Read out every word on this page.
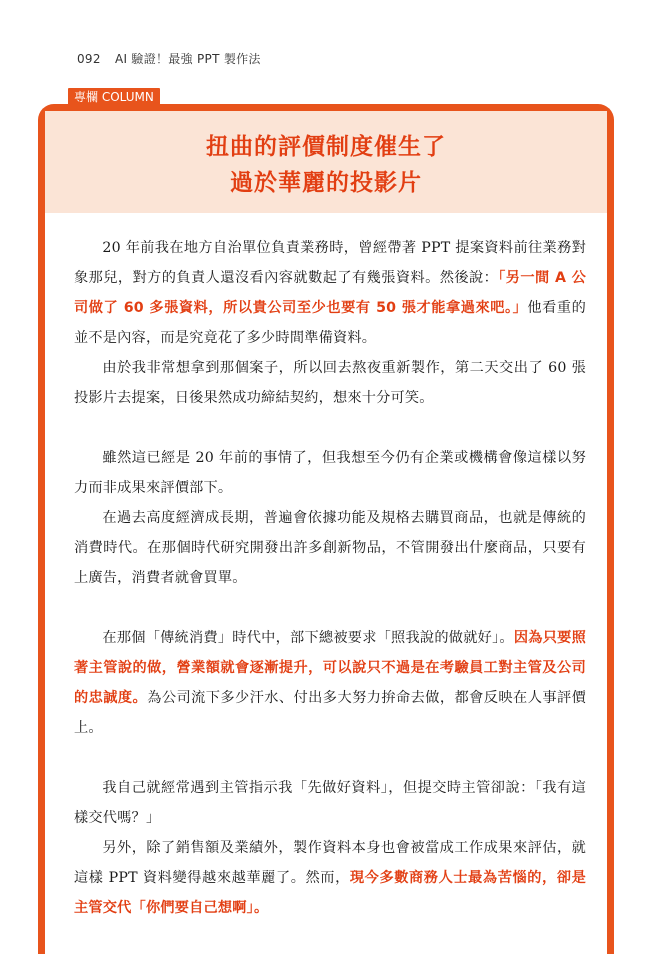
092 AI 驗證！最強 PPT 製作法
專欄 COLUMN
扭曲的評價制度催生了
過於華麗的投影片

20 年前我在地方自治單位負責業務時，曾經帶著 PPT 提案資料前往業務對象那兒，對方的負責人還沒看內容就數起了有幾張資料。然後說：「另一間 A 公司做了 60 多張資料，所以貴公司至少也要有 50 張才能拿過來吧。」他看重的並不是內容，而是究竟花了多少時間準備資料。

由於我非常想拿到那個案子，所以回去熬夜重新製作，第二天交出了 60 張投影片去提案，日後果然成功締結契約，想來十分可笑。

雖然這已經是 20 年前的事情了，但我想至今仍有企業或機構會像這樣以努力而非成果來評價部下。

在過去高度經濟成長期，普遍會依據功能及規格去購買商品，也就是傳統的消費時代。在那個時代研究開發出許多創新物品，不管開發出什麼商品，只要有上廣告，消費者就會買單。

在那個「傳統消費」時代中，部下總被要求「照我說的做就好」。因為只要照著主管說的做，營業額就會逐漸提升，可以說只不過是在考驗員工對主管及公司的忠誠度。為公司流下多少汗水、付出多大努力拚命去做，都會反映在人事評價上。

我自己就經常遇到主管指示我「先做好資料」，但提交時主管卻說：「我有這樣交代嗎？」

另外，除了銷售額及業績外，製作資料本身也會被當成工作成果來評估，就這樣 PPT 資料變得越來越華麗了。然而，現今多數商務人士最為苦惱的，卻是主管交代「你們要自己想啊」。
